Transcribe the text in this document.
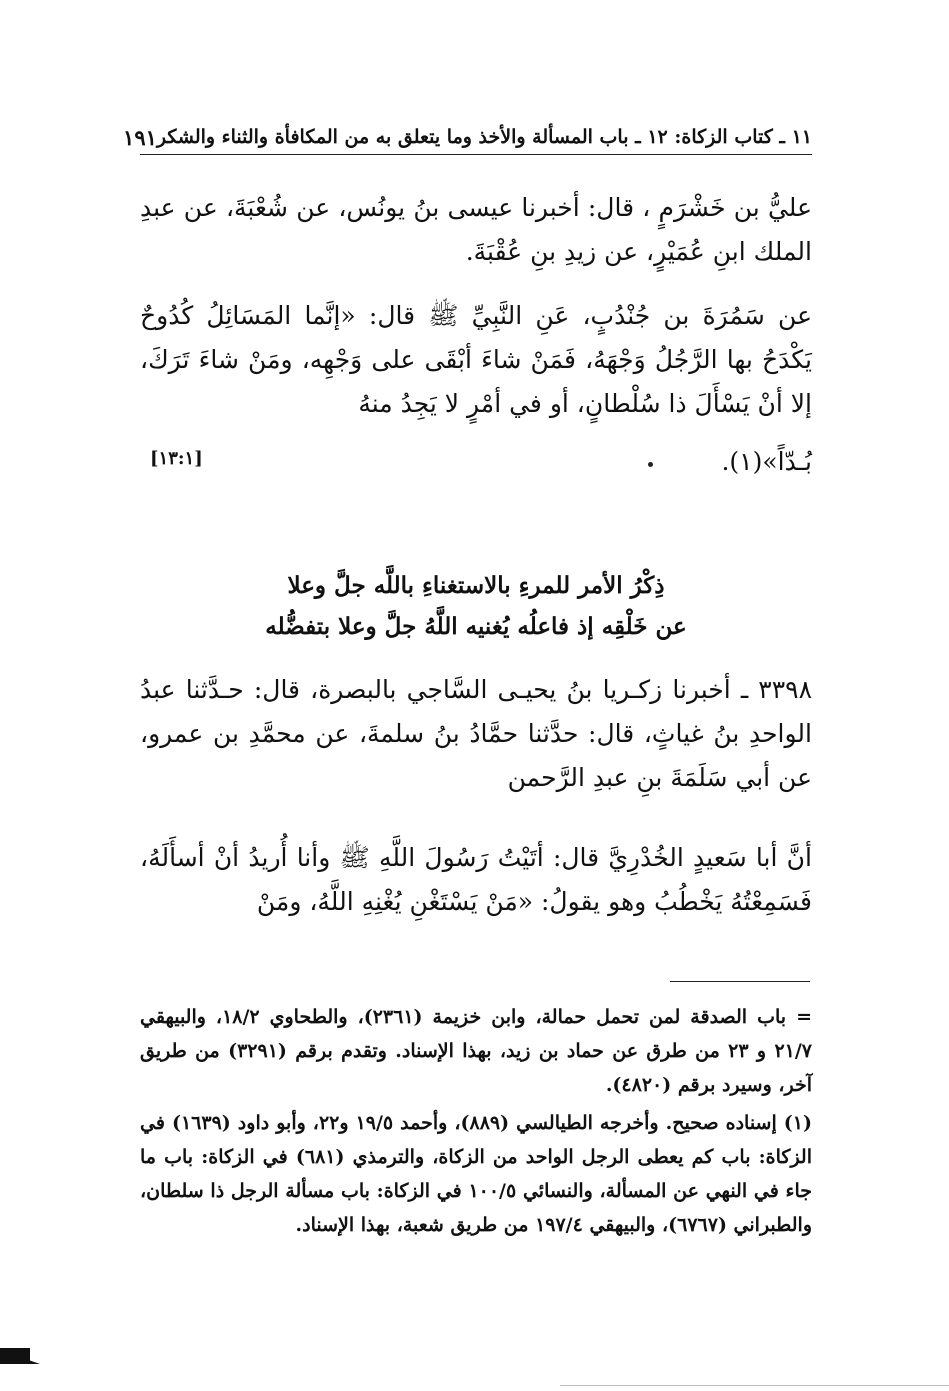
١١ ـ كتاب الزكاة: ١٢ ـ باب المسألة والأخذ وما يتعلق به من المكافأة والثناء والشكر
١٩١
عليُّ بن خَشْرَمٍ ، قال: أخبرنا عيسى بنُ يونُس، عن شُعْبَةَ، عن عبدِ الملك ابنِ عُمَيْرٍ، عن زيدِ بنِ عُقْبَةَ.
عن سَمُرَةَ بن جُنْدُبٍ، عَنِ النَّبِيِّ ﷺ قال: «إنَّما المَسَائِلُ كُدُوحٌ يَكْدَحُ بها الرَّجُلُ وَجْهَهُ، فَمَنْ شاءَ أبْقَى على وَجْهِه، ومَنْ شاءَ تَرَكَ، إلا أنْ يَسْأَلَ ذا سُلْطانٍ، أو في أمْرٍ لا يَجِدُ منهُ
بُـدّاً»(١).
[١٣:١]
ذِكْرُ الأمر للمرءِ بالاستغناءِ باللَّه جلَّ وعلا
عن خَلْقِه إذ فاعلُه يُغنيه اللَّهُ جلَّ وعلا بتفضُّله
٣٣٩٨ ـ أخبرنا زكـريا بنُ يحيـى السَّاجي بالبصرة، قال: حـدَّثنا عبدُ الواحدِ بنُ غياثٍ، قال: حدَّثنا حمَّادُ بنُ سلمةَ، عن محمَّدِ بن عمرو، عن أبي سَلَمَةَ بنِ عبدِ الرَّحمن
أنَّ أبا سَعيدٍ الخُدْرِيَّ قال: أتَيْتُ رَسُولَ اللَّهِ ﷺ وأنا أُريدُ أنْ أسأَلَهُ، فَسَمِعْتُهُ يَخْطُبُ وهو يقولُ: «مَنْ يَسْتَغْنِ يُغْنِهِ اللَّهُ، ومَنْ
= باب الصدقة لمن تحمل حمالة، وابن خزيمة (٢٣٦١)، والطحاوي ١٨/٢، والبيهقي ٢١/٧ و ٢٣ من طرق عن حماد بن زيد، بهذا الإسناد. وتقدم برقم (٣٢٩١) من طريق آخر، وسيرد برقم (٤٨٢٠).
(١) إسناده صحيح. وأخرجه الطيالسي (٨٨٩)، وأحمد ١٩/٥ و٢٢، وأبو داود (١٦٣٩) في الزكاة: باب كم يعطى الرجل الواحد من الزكاة، والترمذي (٦٨١) في الزكاة: باب ما جاء في النهي عن المسألة، والنسائي ١٠٠/٥ في الزكاة: باب مسألة الرجل ذا سلطان، والطبراني (٦٧٦٧)، والبيهقي ١٩٧/٤ من طريق شعبة، بهذا الإسناد.
